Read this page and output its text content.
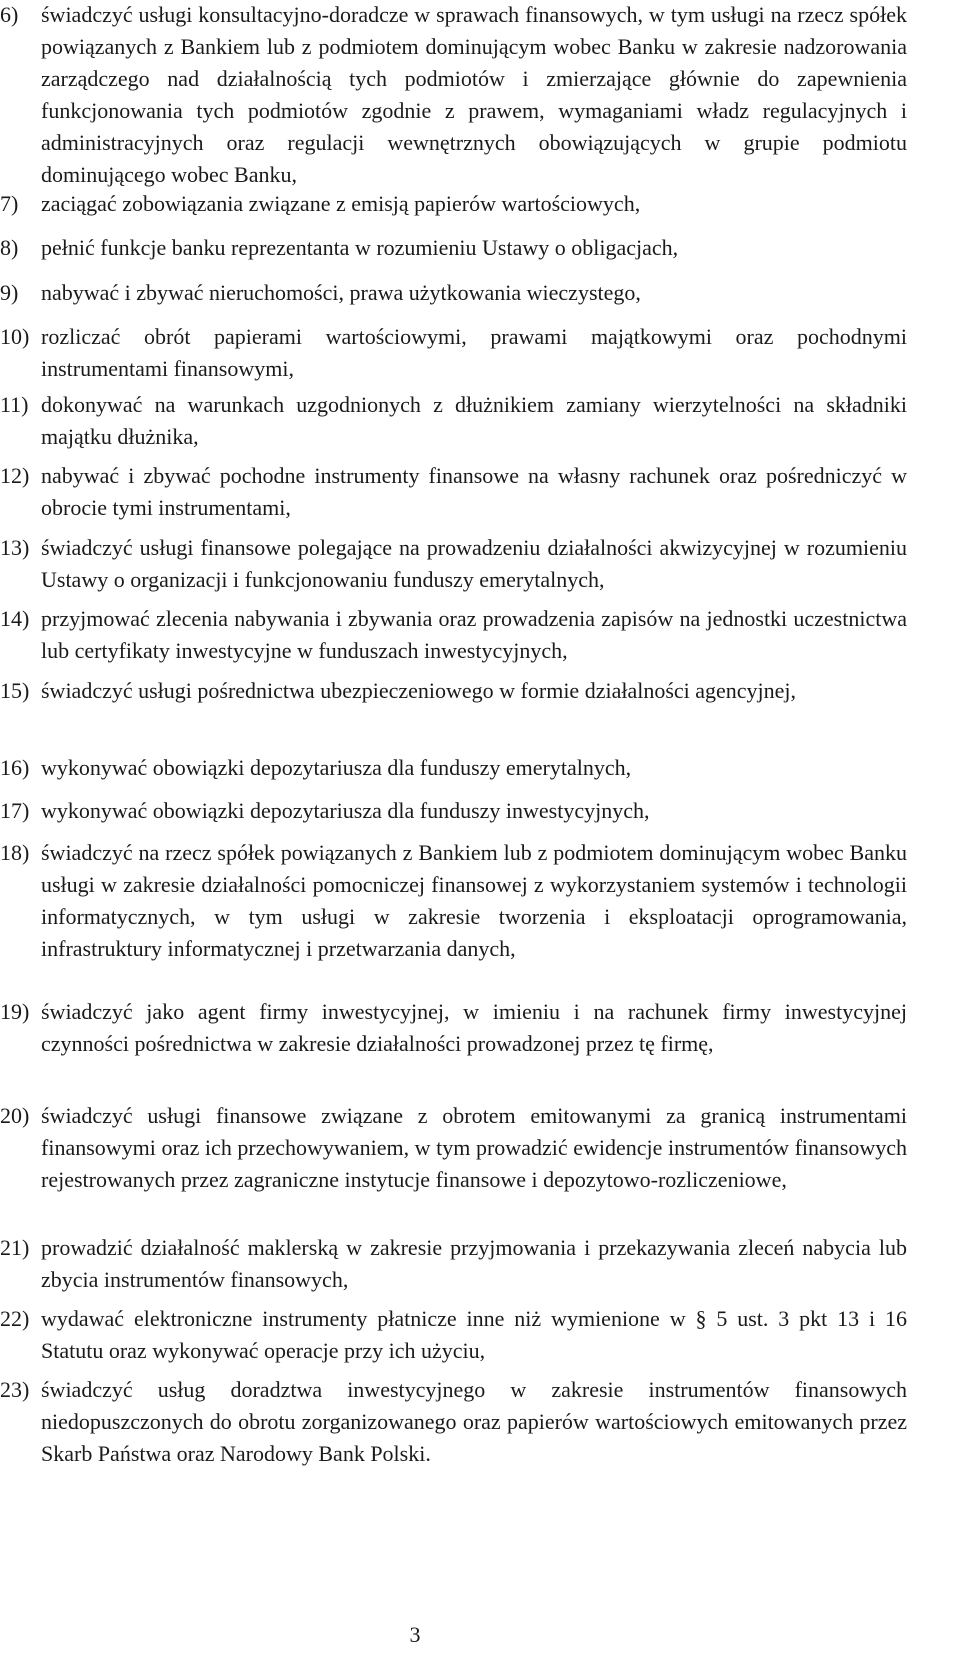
6) świadczyć usługi konsultacyjno-doradcze w sprawach finansowych, w tym usługi na rzecz spółek powiązanych z Bankiem lub z podmiotem dominującym wobec Banku w zakresie nadzorowania zarządczego nad działalnością tych podmiotów i zmierzające głównie do zapewnienia funkcjonowania tych podmiotów zgodnie z prawem, wymaganiami władz regulacyjnych i administracyjnych oraz regulacji wewnętrznych obowiązujących w grupie podmiotu dominującego wobec Banku,

7) zaciągać zobowiązania związane z emisją papierów wartościowych,

8) pełnić funkcje banku reprezentanta w rozumieniu Ustawy o obligacjach,

9) nabywać i zbywać nieruchomości, prawa użytkowania wieczystego,

10) rozliczać obrót papierami wartościowymi, prawami majątkowymi oraz pochodnymi instrumentami finansowymi,

11) dokonywać na warunkach uzgodnionych z dłużnikiem zamiany wierzytelności na składniki majątku dłużnika,

12) nabywać i zbywać pochodne instrumenty finansowe na własny rachunek oraz pośredniczyć w obrocie tymi instrumentami,

13) świadczyć usługi finansowe polegające na prowadzeniu działalności akwizycyjnej w rozumieniu Ustawy o organizacji i funkcjonowaniu funduszy emerytalnych,

14) przyjmować zlecenia nabywania i zbywania oraz prowadzenia zapisów na jednostki uczestnictwa lub certyfikaty inwestycyjne w funduszach inwestycyjnych,

15) świadczyć usługi pośrednictwa ubezpieczeniowego w formie działalności agencyjnej,

16) wykonywać obowiązki depozytariusza dla funduszy emerytalnych,

17) wykonywać obowiązki depozytariusza dla funduszy inwestycyjnych,

18) świadczyć na rzecz spółek powiązanych z Bankiem lub z podmiotem dominującym wobec Banku usługi w zakresie działalności pomocniczej finansowej z wykorzystaniem systemów i technologii informatycznych, w tym usługi w zakresie tworzenia i eksploatacji oprogramowania, infrastruktury informatycznej i przetwarzania danych,

19) świadczyć jako agent firmy inwestycyjnej, w imieniu i na rachunek firmy inwestycyjnej czynności pośrednictwa w zakresie działalności prowadzonej przez tę firmę,

20) świadczyć usługi finansowe związane z obrotem emitowanymi za granicą instrumentami finansowymi oraz ich przechowywaniem, w tym prowadzić ewidencje instrumentów finansowych rejestrowanych przez zagraniczne instytucje finansowe i depozytowo-rozliczeniowe,

21) prowadzić działalność maklerską w zakresie przyjmowania i przekazywania zleceń nabycia lub zbycia instrumentów finansowych,

22) wydawać elektroniczne instrumenty płatnicze inne niż wymienione w § 5 ust. 3 pkt 13 i 16 Statutu oraz wykonywać operacje przy ich użyciu,

23) świadczyć usług doradztwa inwestycyjnego w zakresie instrumentów finansowych niedopuszczonych do obrotu zorganizowanego oraz papierów wartościowych emitowanych przez Skarb Państwa oraz Narodowy Bank Polski.

3
